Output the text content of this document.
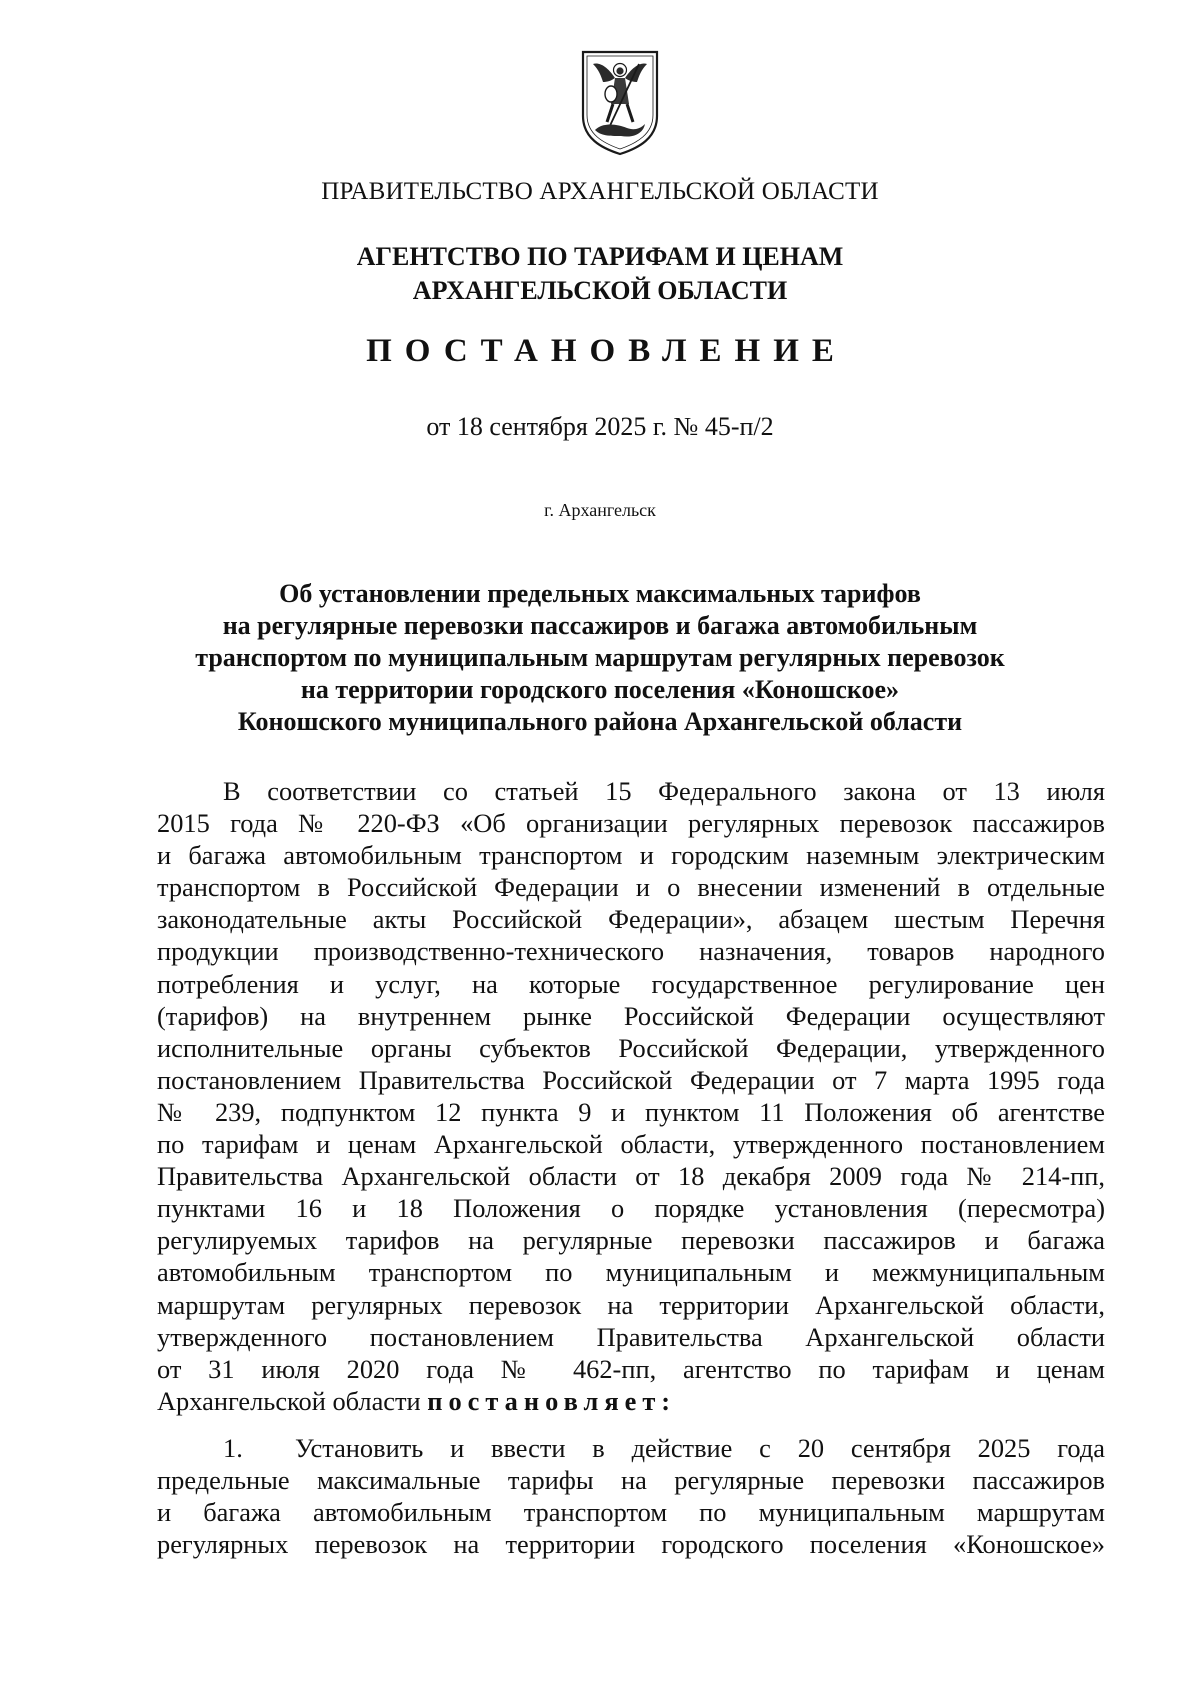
ПРАВИТЕЛЬСТВО АРХАНГЕЛЬСКОЙ ОБЛАСТИ
АГЕНТСТВО ПО ТАРИФАМ И ЦЕНАМ
АРХАНГЕЛЬСКОЙ ОБЛАСТИ
ПОСТАНОВЛЕНИЕ
от 18 сентября 2025 г. № 45-п/2
г. Архангельск
Об установлении предельных максимальных тарифов
на регулярные перевозки пассажиров и багажа автомобильным
транспортом по муниципальным маршрутам регулярных перевозок
на территории городского поселения «Коношское»
Коношского муниципального района Архангельской области
В соответствии со статьей 15 Федерального закона от 13 июля
2015 года № 220-ФЗ «Об организации регулярных перевозок пассажиров
и багажа автомобильным транспортом и городским наземным электрическим
транспортом в Российской Федерации и о внесении изменений в отдельные
законодательные акты Российской Федерации», абзацем шестым Перечня
продукции производственно-технического назначения, товаров народного
потребления и услуг, на которые государственное регулирование цен
(тарифов) на внутреннем рынке Российской Федерации осуществляют
исполнительные органы субъектов Российской Федерации, утвержденного
постановлением Правительства Российской Федерации от 7 марта 1995 года
№ 239, подпунктом 12 пункта 9 и пунктом 11 Положения об агентстве
по тарифам и ценам Архангельской области, утвержденного постановлением
Правительства Архангельской области от 18 декабря 2009 года № 214-пп,
пунктами 16 и 18 Положения о порядке установления (пересмотра)
регулируемых тарифов на регулярные перевозки пассажиров и багажа
автомобильным транспортом по муниципальным и межмуниципальным
маршрутам регулярных перевозок на территории Архангельской области,
утвержденного постановлением Правительства Архангельской области
от 31 июля 2020 года № 462-пп, агентство по тарифам и ценам
Архангельской области постановляет:
1. Установить и ввести в действие с 20 сентября 2025 года
предельные максимальные тарифы на регулярные перевозки пассажиров
и багажа автомобильным транспортом по муниципальным маршрутам
регулярных перевозок на территории городского поселения «Коношское»
